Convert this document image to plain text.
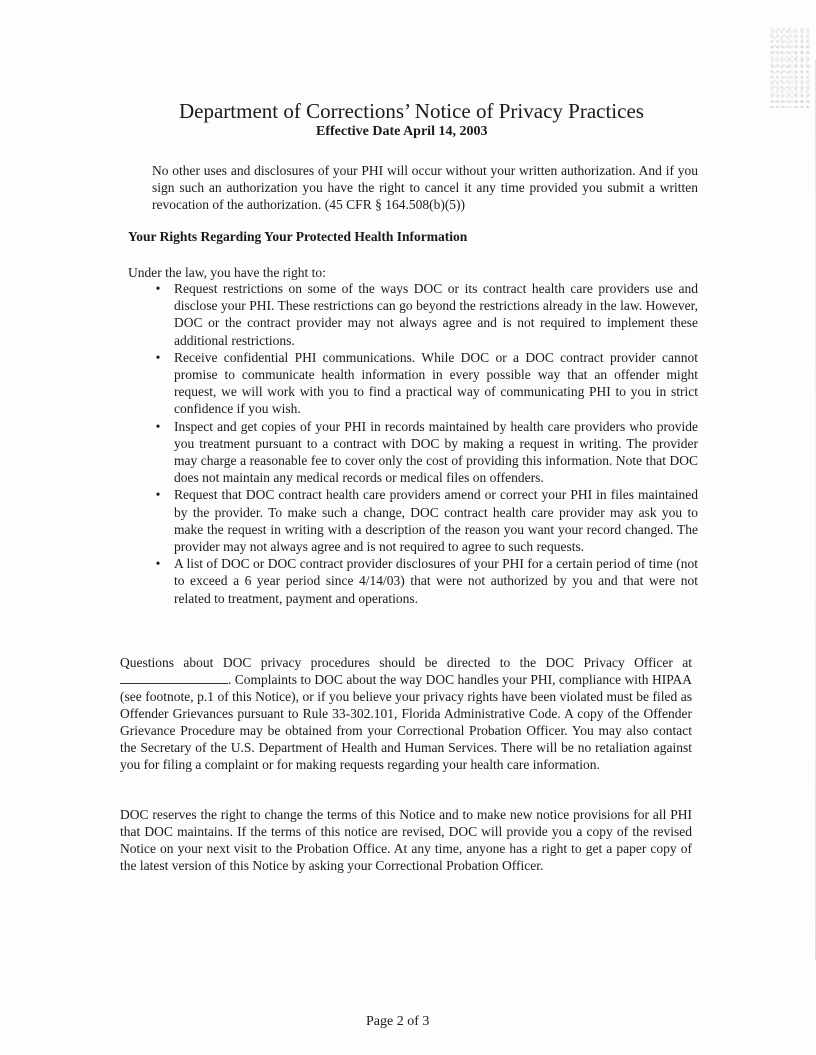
Department of Corrections’ Notice of Privacy Practices
Effective Date April 14, 2003
No other uses and disclosures of your PHI will occur without your written authorization. And if you sign such an authorization you have the right to cancel it any time provided you submit a written revocation of the authorization. (45 CFR § 164.508(b)(5))
Your Rights Regarding Your Protected Health Information
Under the law, you have the right to:
•	Request restrictions on some of the ways DOC or its contract health care providers use and disclose your PHI. These restrictions can go beyond the restrictions already in the law. However, DOC or the contract provider may not always agree and is not required to implement these additional restrictions.
•	Receive confidential PHI communications. While DOC or a DOC contract provider cannot promise to communicate health information in every possible way that an offender might request, we will work with you to find a practical way of communicating PHI to you in strict confidence if you wish.
•	Inspect and get copies of your PHI in records maintained by health care providers who provide you treatment pursuant to a contract with DOC by making a request in writing. The provider may charge a reasonable fee to cover only the cost of providing this information. Note that DOC does not maintain any medical records or medical files on offenders.
•	Request that DOC contract health care providers amend or correct your PHI in files maintained by the provider. To make such a change, DOC contract health care provider may ask you to make the request in writing with a description of the reason you want your record changed. The provider may not always agree and is not required to agree to such requests.
•	A list of DOC or DOC contract provider disclosures of your PHI for a certain period of time (not to exceed a 6 year period since 4/14/03) that were not authorized by you and that were not related to treatment, payment and operations.
Questions about DOC privacy procedures should be directed to the DOC Privacy Officer at . Complaints to DOC about the way DOC handles your PHI, compliance with HIPAA (see footnote, p.1 of this Notice), or if you believe your privacy rights have been violated must be filed as Offender Grievances pursuant to Rule 33-302.101, Florida Administrative Code. A copy of the Offender Grievance Procedure may be obtained from your Correctional Probation Officer. You may also contact the Secretary of the U.S. Department of Health and Human Services. There will be no retaliation against you for filing a complaint or for making requests regarding your health care information.
DOC reserves the right to change the terms of this Notice and to make new notice provisions for all PHI that DOC maintains. If the terms of this notice are revised, DOC will provide you a copy of the revised Notice on your next visit to the Probation Office. At any time, anyone has a right to get a paper copy of the latest version of this Notice by asking your Correctional Probation Officer.
Page 2 of 3
